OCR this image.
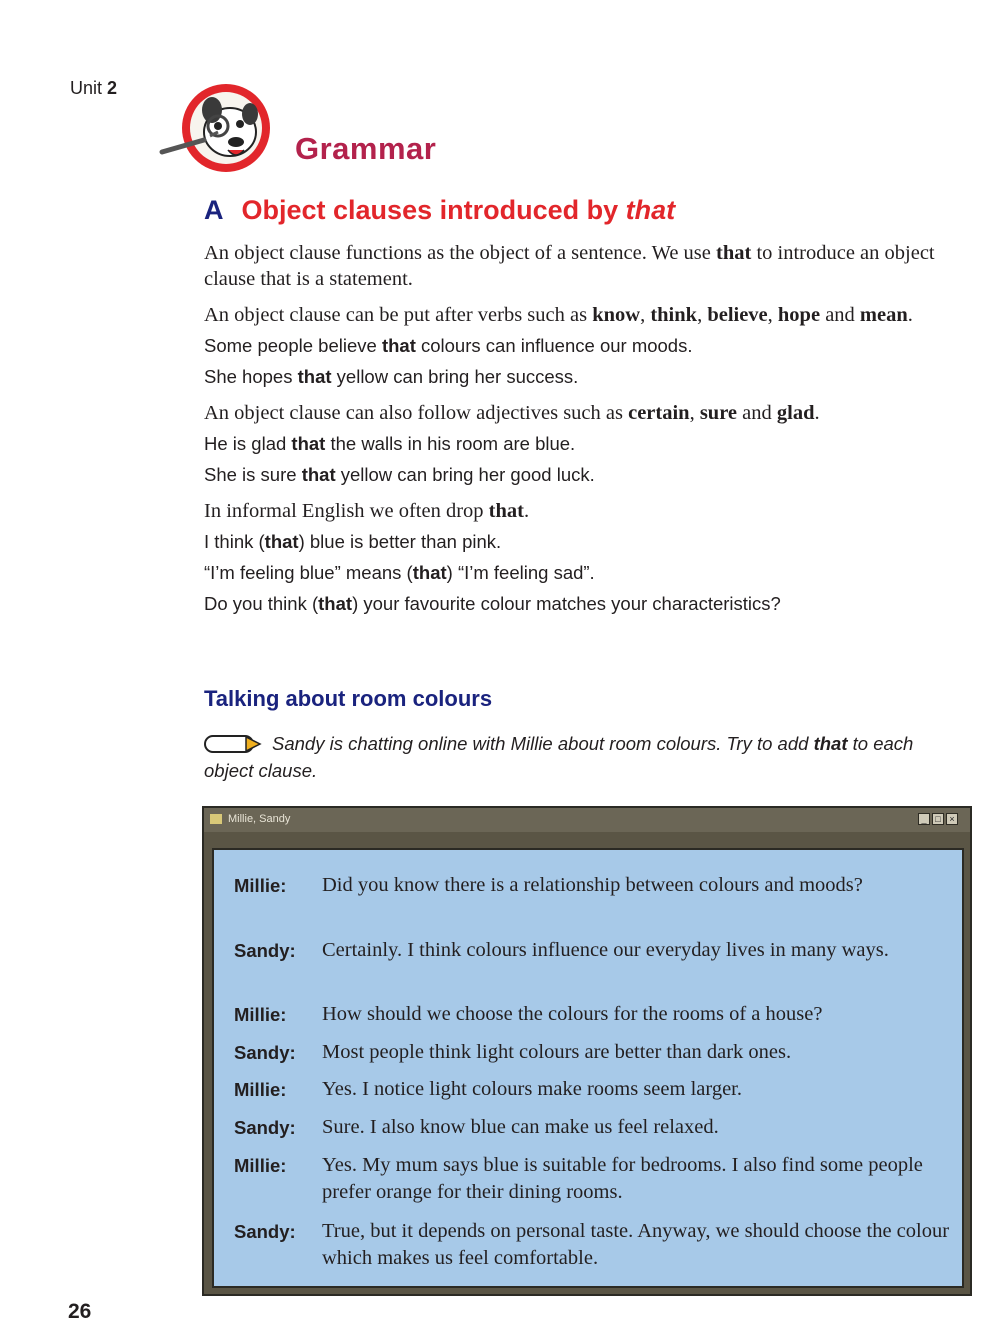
Unit 2
Grammar
A Object clauses introduced by that

An object clause functions as the object of a sentence. We use that to introduce an object clause that is a statement.

An object clause can be put after verbs such as know, think, believe, hope and mean.

Some people believe that colours can influence our moods.

She hopes that yellow can bring her success.

An object clause can also follow adjectives such as certain, sure and glad.

He is glad that the walls in his room are blue.

She is sure that yellow can bring her good luck.

In informal English we often drop that.

I think (that) blue is better than pink.

“I’m feeling blue” means (that) “I’m feeling sad”.

Do you think (that) your favourite colour matches your characteristics?

Talking about room colours
Sandy is chatting online with Millie about room colours. Try to add that to each object clause.
Millie, Sandy	_ □ ×
Millie:	Did you know there is a relationship between colours and moods?
Sandy:	Certainly. I think colours influence our everyday lives in many ways.
Millie:	How should we choose the colours for the rooms of a house?
Sandy:	Most people think light colours are better than dark ones.
Millie:	Yes. I notice light colours make rooms seem larger.
Sandy:	Sure. I also know blue can make us feel relaxed.
Millie:	Yes. My mum says blue is suitable for bedrooms. I also find some people prefer orange for their dining rooms.
Sandy:	True, but it depends on personal taste. Anyway, we should choose the colour which makes us feel comfortable.
26
